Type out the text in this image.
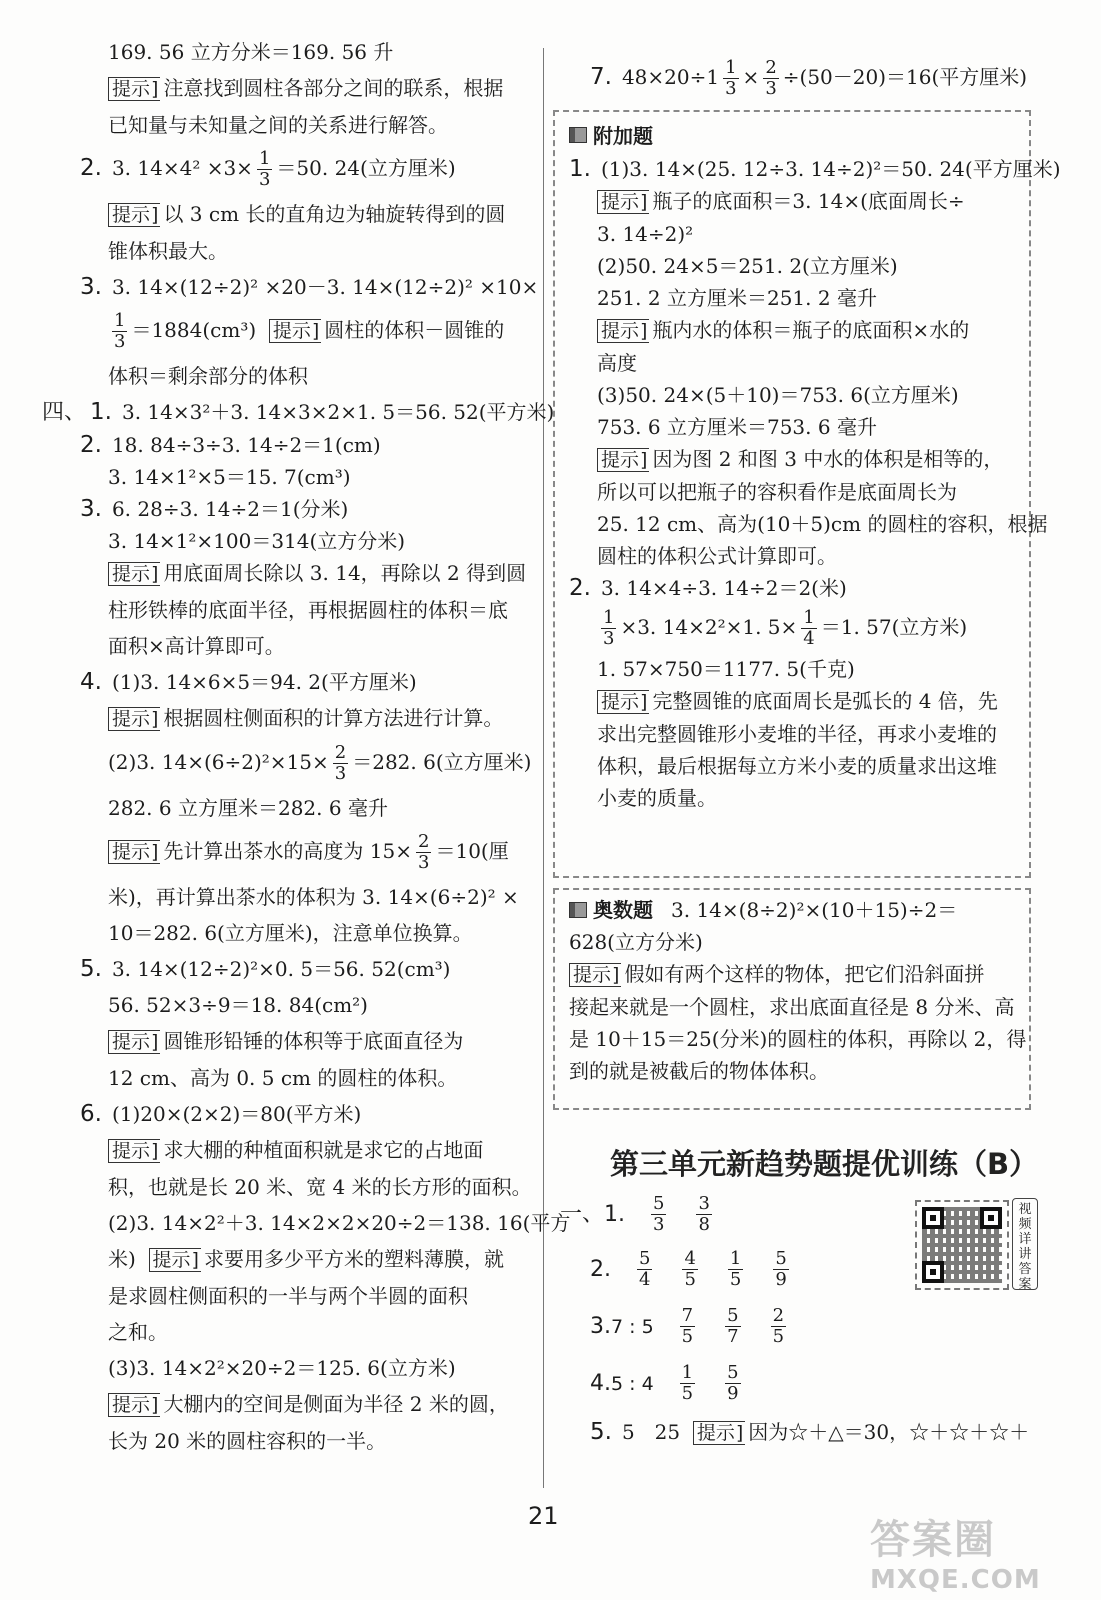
169. 56 立方分米＝169. 56 升
提示 ] 注意找到圆柱各部分之间的联系，根据
已知量与未知量之间的关系进行解答。
2. 3. $14\times 4^2 \times 3\times \frac{1}{3} =50$. 24(立方厘米)
提示 ] 以 3 cm 长的直角边为轴旋转得到的圆
锥体积最大。
3. 3. 14×(12÷2)² ×20－3. 14×(12÷2)² ×10×
$\frac{1}{3} =1884(cm^3)$ 提示 ] 圆柱的体积－圆锥的
体积＝剩余部分的体积
四、 1. 3. 14×3²＋3. 14×3×2×1. 5＝56. 52(平方米)
2. 18. 84÷3÷3. 14÷2＝1(cm)
3. 14×1²×5＝15. 7(cm³)
3. 6. 28÷3. 14÷2＝1(分米)
3. 14×1²×100＝314(立方分米)
提示 ] 用底面周长除以 3. 14，再除以 2 得到圆
柱形铁棒的底面半径，再根据圆柱的体积＝底
面积×高计算即可。
4. (1)3. 14×6×5＝94. 2(平方厘米)
提示 ] 根据圆柱侧面积的计算方法进行计算。
(2)3. $14\times(6\div 2)^2\times 15\times \frac{2}{3} =282$. 6(立方厘米)
282. 6 立方厘米＝282. 6 毫升
提示 ] 先计算出茶水的高度为 $15\times \frac{2}{3} =10$(厘
米)，再计算出茶水的体积为 3. 14×(6÷2)² ×
10＝282. 6(立方厘米)，注意单位换算。
5. 3. 14×(12÷2)²×0. 5＝56. 52(cm³)
56. 52×3÷9＝18. 84(cm²)
提示 ] 圆锥形铅锤的体积等于底面直径为
12 cm、高为 0. 5 cm 的圆柱的体积。
6. (1)20×(2×2)＝80(平方米)
提示 ] 求大棚的种植面积就是求它的占地面
积，也就是长 20 米、宽 4 米的长方形的面积。
(2)3. 14×2²＋3. 14×2×2×20÷2＝138. 16(平方
米) 提示 ] 求要用多少平方米的塑料薄膜，就
是求圆柱侧面积的一半与两个半圆的面积
之和。
(3)3. 14×2²×20÷2＝125. 6(立方米)
提示 ] 大棚内的空间是侧面为半径 2 米的圆，
长为 20 米的圆柱容积的一半。
7. $48\times 20\div 1 \frac{1}{3} \times \frac{2}{3} \div(50-20)=16$(平方厘米)
附加题
1. (1)3. 14×(25. 12÷3. 14÷2)²＝50. 24(平方厘米)
提示 ] 瓶子的底面积＝3. 14×(底面周长÷
3. 14÷2)²
(2)50. 24×5＝251. 2(立方厘米)
251. 2 立方厘米＝251. 2 毫升
提示 ] 瓶内水的体积＝瓶子的底面积×水的
高度
(3)50. 24×(5＋10)＝753. 6(立方厘米)
753. 6 立方厘米＝753. 6 毫升
提示 ] 因为图 2 和图 3 中水的体积是相等的，
所以可以把瓶子的容积看作是底面周长为
25. 12 cm、高为(10＋5)cm 的圆柱的容积，根据
圆柱的体积公式计算即可。
2. 3. 14×4÷3. 14÷2＝2(米)
$\frac{1}{3} \times 3$. 14×2²×1. $5\times \frac{1}{4} =1$. 57(立方米)
1. 57×750＝1177. 5(千克)
提示 ] 完整圆锥的底面周长是弧长的 4 倍，先
求出完整圆锥形小麦堆的半径，再求小麦堆的
体积，最后根据每立方米小麦的质量求出这堆
小麦的质量。
奥数题 3. 14×(8÷2)²×(10＋15)÷2＝
628(立方分米)
提示 ] 假如有两个这样的物体，把它们沿斜面拼
接起来就是一个圆柱，求出底面直径是 8 分米、高
是 10＋15＝25(分米)的圆柱的体积，再除以 2，得
到的就是被截后的物体体积。
第三单元新趋势题提优训练（B）
视频详讲答案
一、1. $\frac{5}{3} \frac{3}{8}$
2. $\frac{5}{4} \frac{4}{5} \frac{1}{5} \frac{5}{9}$
3.7 : $5 \frac{7}{5} \frac{5}{7} \frac{2}{5}$
4.5 : $4 \frac{1}{5} \frac{5}{9}$
5. 5　25 提示 ] 因为☆＋△＝30，☆＋☆＋☆＋
21
答案圈
MXQE.COM
